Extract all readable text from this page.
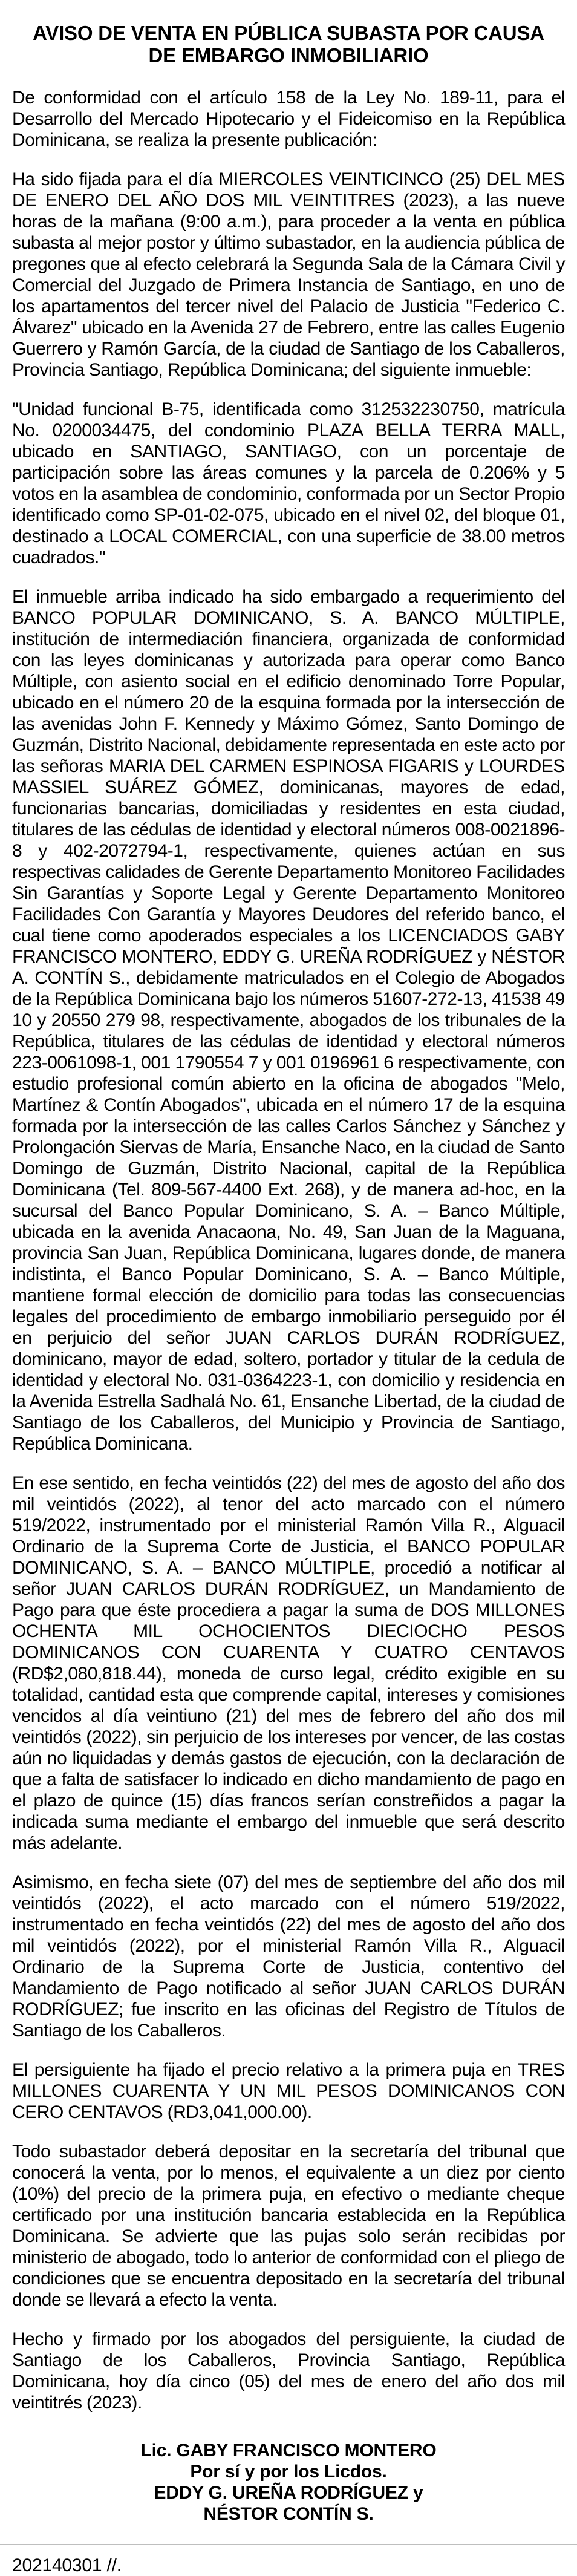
AVISO DE VENTA EN PÚBLICA SUBASTA POR CAUSA
DE EMBARGO INMOBILIARIO

De conformidad con el artículo 158 de la Ley No. 189-11, para el Desarrollo del Mercado Hipotecario y el Fideicomiso en la República Dominicana, se realiza la presente publicación:

Ha sido fijada para el día MIERCOLES VEINTICINCO (25) DEL MES DE ENERO DEL AÑO DOS MIL VEINTITRES (2023), a las nueve horas de la mañana (9:00 a.m.), para proceder a la venta en pública subasta al mejor postor y último subastador, en la audiencia pública de pregones que al efecto celebrará la Segunda Sala de la Cámara Civil y Comercial del Juzgado de Primera Instancia de Santiago, en uno de los apartamentos del tercer nivel del Palacio de Justicia "Federico C. Álvarez" ubicado en la Avenida 27 de Febrero, entre las calles Eugenio Guerrero y Ramón García, de la ciudad de Santiago de los Caballeros, Provincia Santiago, República Dominicana; del siguiente inmueble:

"Unidad funcional B-75, identificada como 312532230750, matrícula No. 0200034475, del condominio PLAZA BELLA TERRA MALL, ubicado en SANTIAGO, SANTIAGO, con un porcentaje de participación sobre las áreas comunes y la parcela de 0.206% y 5 votos en la asamblea de condominio, conformada por un Sector Propio identificado como SP-01-02-075, ubicado en el nivel 02, del bloque 01, destinado a LOCAL COMERCIAL, con una superficie de 38.00 metros cuadrados."

El inmueble arriba indicado ha sido embargado a requerimiento del BANCO POPULAR DOMINICANO, S. A. BANCO MÚLTIPLE, institución de intermediación financiera, organizada de conformidad con las leyes dominicanas y autorizada para operar como Banco Múltiple, con asiento social en el edificio denominado Torre Popular, ubicado en el número 20 de la esquina formada por la intersección de las avenidas John F. Kennedy y Máximo Gómez, Santo Domingo de Guzmán, Distrito Nacional, debidamente representada en este acto por las señoras MARIA DEL CARMEN ESPINOSA FIGARIS y LOURDES MASSIEL SUÁREZ GÓMEZ, dominicanas, mayores de edad, funcionarias bancarias, domiciliadas y residentes en esta ciudad, titulares de las cédulas de identidad y electoral números 008-0021896-8 y 402-2072794-1, respectivamente, quienes actúan en sus respectivas calidades de Gerente Departamento Monitoreo Facilidades Sin Garantías y Soporte Legal y Gerente Departamento Monitoreo Facilidades Con Garantía y Mayores Deudores del referido banco, el cual tiene como apoderados especiales a los LICENCIADOS GABY FRANCISCO MONTERO, EDDY G. UREÑA RODRÍGUEZ y NÉSTOR A. CONTÍN S., debidamente matriculados en el Colegio de Abogados de la República Dominicana bajo los números 51607-272-13, 41538 49 10 y 20550 279 98, respectivamente, abogados de los tribunales de la República, titulares de las cédulas de identidad y electoral números 223-0061098-1, 001 1790554 7 y 001 0196961 6 respectivamente, con estudio profesional común abierto en la oficina de abogados "Melo, Martínez & Contín Abogados", ubicada en el número 17 de la esquina formada por la intersección de las calles Carlos Sánchez y Sánchez y Prolongación Siervas de María, Ensanche Naco, en la ciudad de Santo Domingo de Guzmán, Distrito Nacional, capital de la República Dominicana (Tel. 809-567-4400 Ext. 268), y de manera ad-hoc, en la sucursal del Banco Popular Dominicano, S. A. – Banco Múltiple, ubicada en la avenida Anacaona, No. 49, San Juan de la Maguana, provincia San Juan, República Dominicana, lugares donde, de manera indistinta, el Banco Popular Dominicano, S. A. – Banco Múltiple, mantiene formal elección de domicilio para todas las consecuencias legales del procedimiento de embargo inmobiliario perseguido por él en perjuicio del señor JUAN CARLOS DURÁN RODRÍGUEZ, dominicano, mayor de edad, soltero, portador y titular de la cedula de identidad y electoral No. 031-0364223-1, con domicilio y residencia en la Avenida Estrella Sadhalá No. 61, Ensanche Libertad, de la ciudad de Santiago de los Caballeros, del Municipio y Provincia de Santiago, República Dominicana.

En ese sentido, en fecha veintidós (22) del mes de agosto del año dos mil veintidós (2022), al tenor del acto marcado con el número 519/2022, instrumentado por el ministerial Ramón Villa R., Alguacil Ordinario de la Suprema Corte de Justicia, el BANCO POPULAR DOMINICANO, S. A. – BANCO MÚLTIPLE, procedió a notificar al señor JUAN CARLOS DURÁN RODRÍGUEZ, un Mandamiento de Pago para que éste procediera a pagar la suma de DOS MILLONES OCHENTA MIL OCHOCIENTOS DIECIOCHO PESOS DOMINICANOS CON CUARENTA Y CUATRO CENTAVOS (RD$2,080,818.44), moneda de curso legal, crédito exigible en su totalidad, cantidad esta que comprende capital, intereses y comisiones vencidos al día veintiuno (21) del mes de febrero del año dos mil veintidós (2022), sin perjuicio de los intereses por vencer, de las costas aún no liquidadas y demás gastos de ejecución, con la declaración de que a falta de satisfacer lo indicado en dicho mandamiento de pago en el plazo de quince (15) días francos serían constreñidos a pagar la indicada suma mediante el embargo del inmueble que será descrito más adelante.

Asimismo, en fecha siete (07) del mes de septiembre del año dos mil veintidós (2022), el acto marcado con el número 519/2022, instrumentado en fecha veintidós (22) del mes de agosto del año dos mil veintidós (2022), por el ministerial Ramón Villa R., Alguacil Ordinario de la Suprema Corte de Justicia, contentivo del Mandamiento de Pago notificado al señor JUAN CARLOS DURÁN RODRÍGUEZ; fue inscrito en las oficinas del Registro de Títulos de Santiago de los Caballeros.

El persiguiente ha fijado el precio relativo a la primera puja en TRES MILLONES CUARENTA Y UN MIL PESOS DOMINICANOS CON CERO CENTAVOS (RD3,041,000.00).

Todo subastador deberá depositar en la secretaría del tribunal que conocerá la venta, por lo menos, el equivalente a un diez por ciento (10%) del precio de la primera puja, en efectivo o mediante cheque certificado por una institución bancaria establecida en la República Dominicana. Se advierte que las pujas solo serán recibidas por ministerio de abogado, todo lo anterior de conformidad con el pliego de condiciones que se encuentra depositado en la secretaría del tribunal donde se llevará a efecto la venta.

Hecho y firmado por los abogados del persiguiente, la ciudad de Santiago de los Caballeros, Provincia Santiago, República Dominicana, hoy día cinco (05) del mes de enero del año dos mil veintitrés (2023).

Lic. GABY FRANCISCO MONTERO
Por sí y por los Licdos.
EDDY G. UREÑA RODRÍGUEZ y
NÉSTOR CONTÍN S.
202140301 //.
